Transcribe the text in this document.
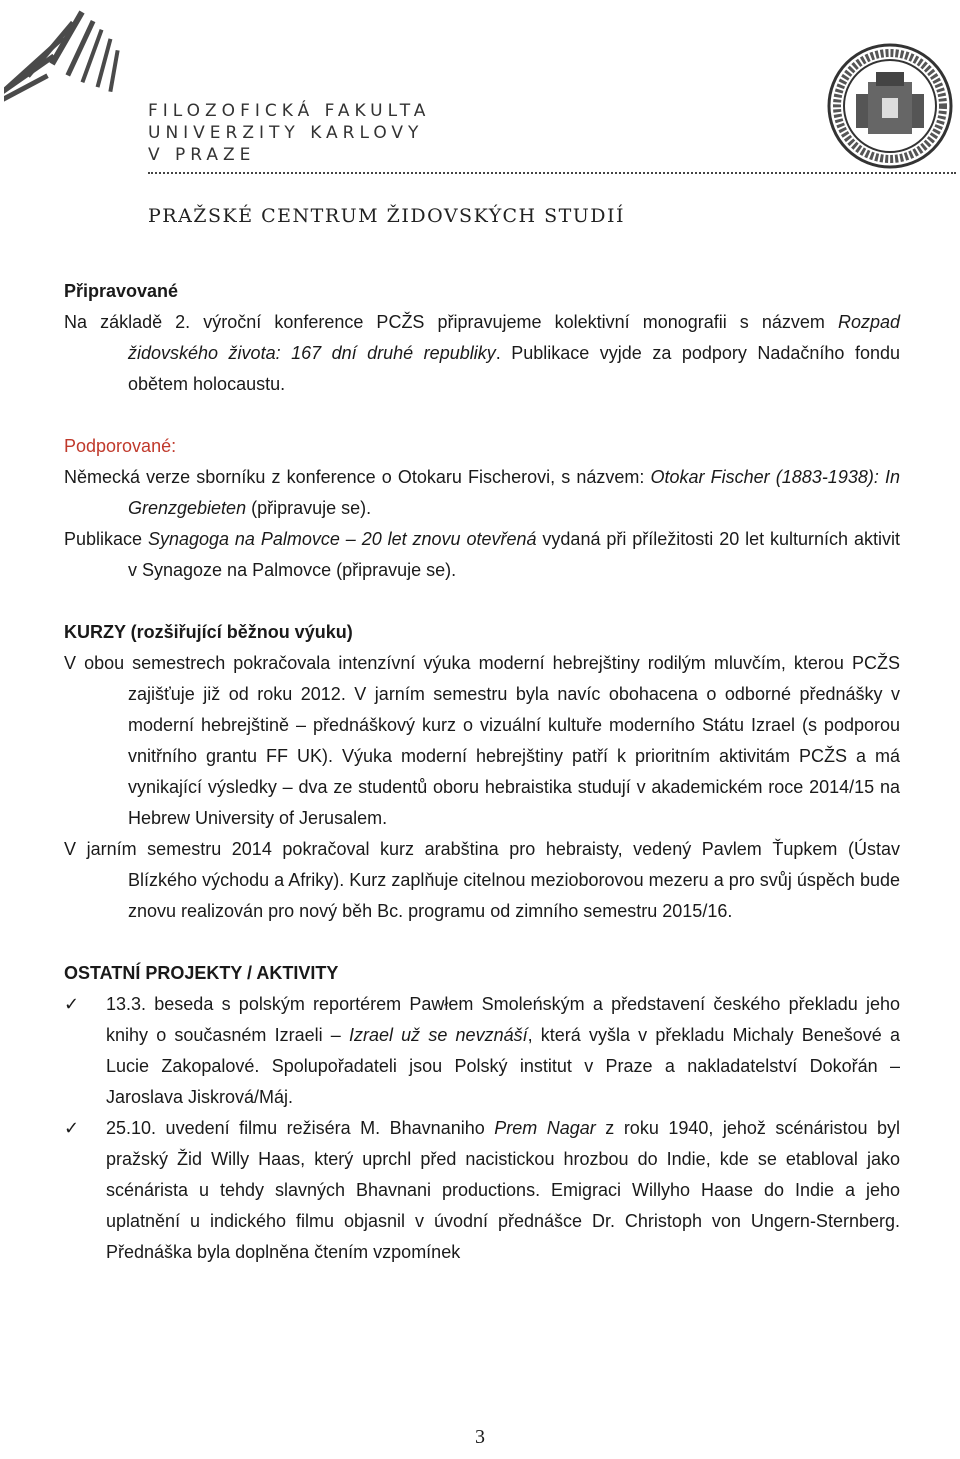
FILOZOFICKÁ FAKULTA
UNIVERZITY KARLOVY
V PRAZE
PRAŽSKÉ CENTRUM ŽIDOVSKÝCH STUDIÍ

Připravované

Na základě 2. výroční konference PCŽS připravujeme kolektivní monografii s názvem Rozpad židovského života: 167 dní druhé republiky. Publikace vyjde za podpory Nadačního fondu obětem holocaustu.

Podporované:

Německá verze sborníku z konference o Otokaru Fischerovi, s názvem: Otokar Fischer (1883-1938): In Grenzgebieten (připravuje se).

Publikace Synagoga na Palmovce – 20 let znovu otevřená vydaná při příležitosti 20 let kulturních aktivit v Synagoze na Palmovce (připravuje se).

KURZY (rozšiřující běžnou výuku)

V obou semestrech pokračovala intenzívní výuka moderní hebrejštiny rodilým mluvčím, kterou PCŽS zajišťuje již od roku 2012. V jarním semestru byla navíc obohacena o odborné přednášky v moderní hebrejštině – přednáškový kurz o vizuální kultuře moderního Státu Izrael (s podporou vnitřního grantu FF UK). Výuka moderní hebrejštiny patří k prioritním aktivitám PCŽS a má vynikající výsledky – dva ze studentů oboru hebraistika studují v akademickém roce 2014/15 na Hebrew University of Jerusalem.

V jarním semestru 2014 pokračoval kurz arabština pro hebraisty, vedený Pavlem Ťupkem (Ústav Blízkého východu a Afriky). Kurz zaplňuje citelnou mezioborovou mezeru a pro svůj úspěch bude znovu realizován pro nový běh Bc. programu od zimního semestru 2015/16.

OSTATNÍ PROJEKTY / AKTIVITY

✓ 13.3. beseda s polským reportérem Pawłem Smoleńským a představení českého překladu jeho knihy o současném Izraeli – Izrael už se nevznáší, která vyšla v překladu Michaly Benešové a Lucie Zakopalové. Spolupořadateli jsou Polský institut v Praze a nakladatelství Dokořán – Jaroslava Jiskrová/Máj.
✓ 25.10. uvedení filmu režiséra M. Bhavnaniho Prem Nagar z roku 1940, jehož scénáristou byl pražský Žid Willy Haas, který uprchl před nacistickou hrozbou do Indie, kde se etabloval jako scénárista u tehdy slavných Bhavnani productions. Emigraci Willyho Haase do Indie a jeho uplatnění u indického filmu objasnil v úvodní přednášce Dr. Christoph von Ungern-Sternberg. Přednáška byla doplněna čtením vzpomínek
3
